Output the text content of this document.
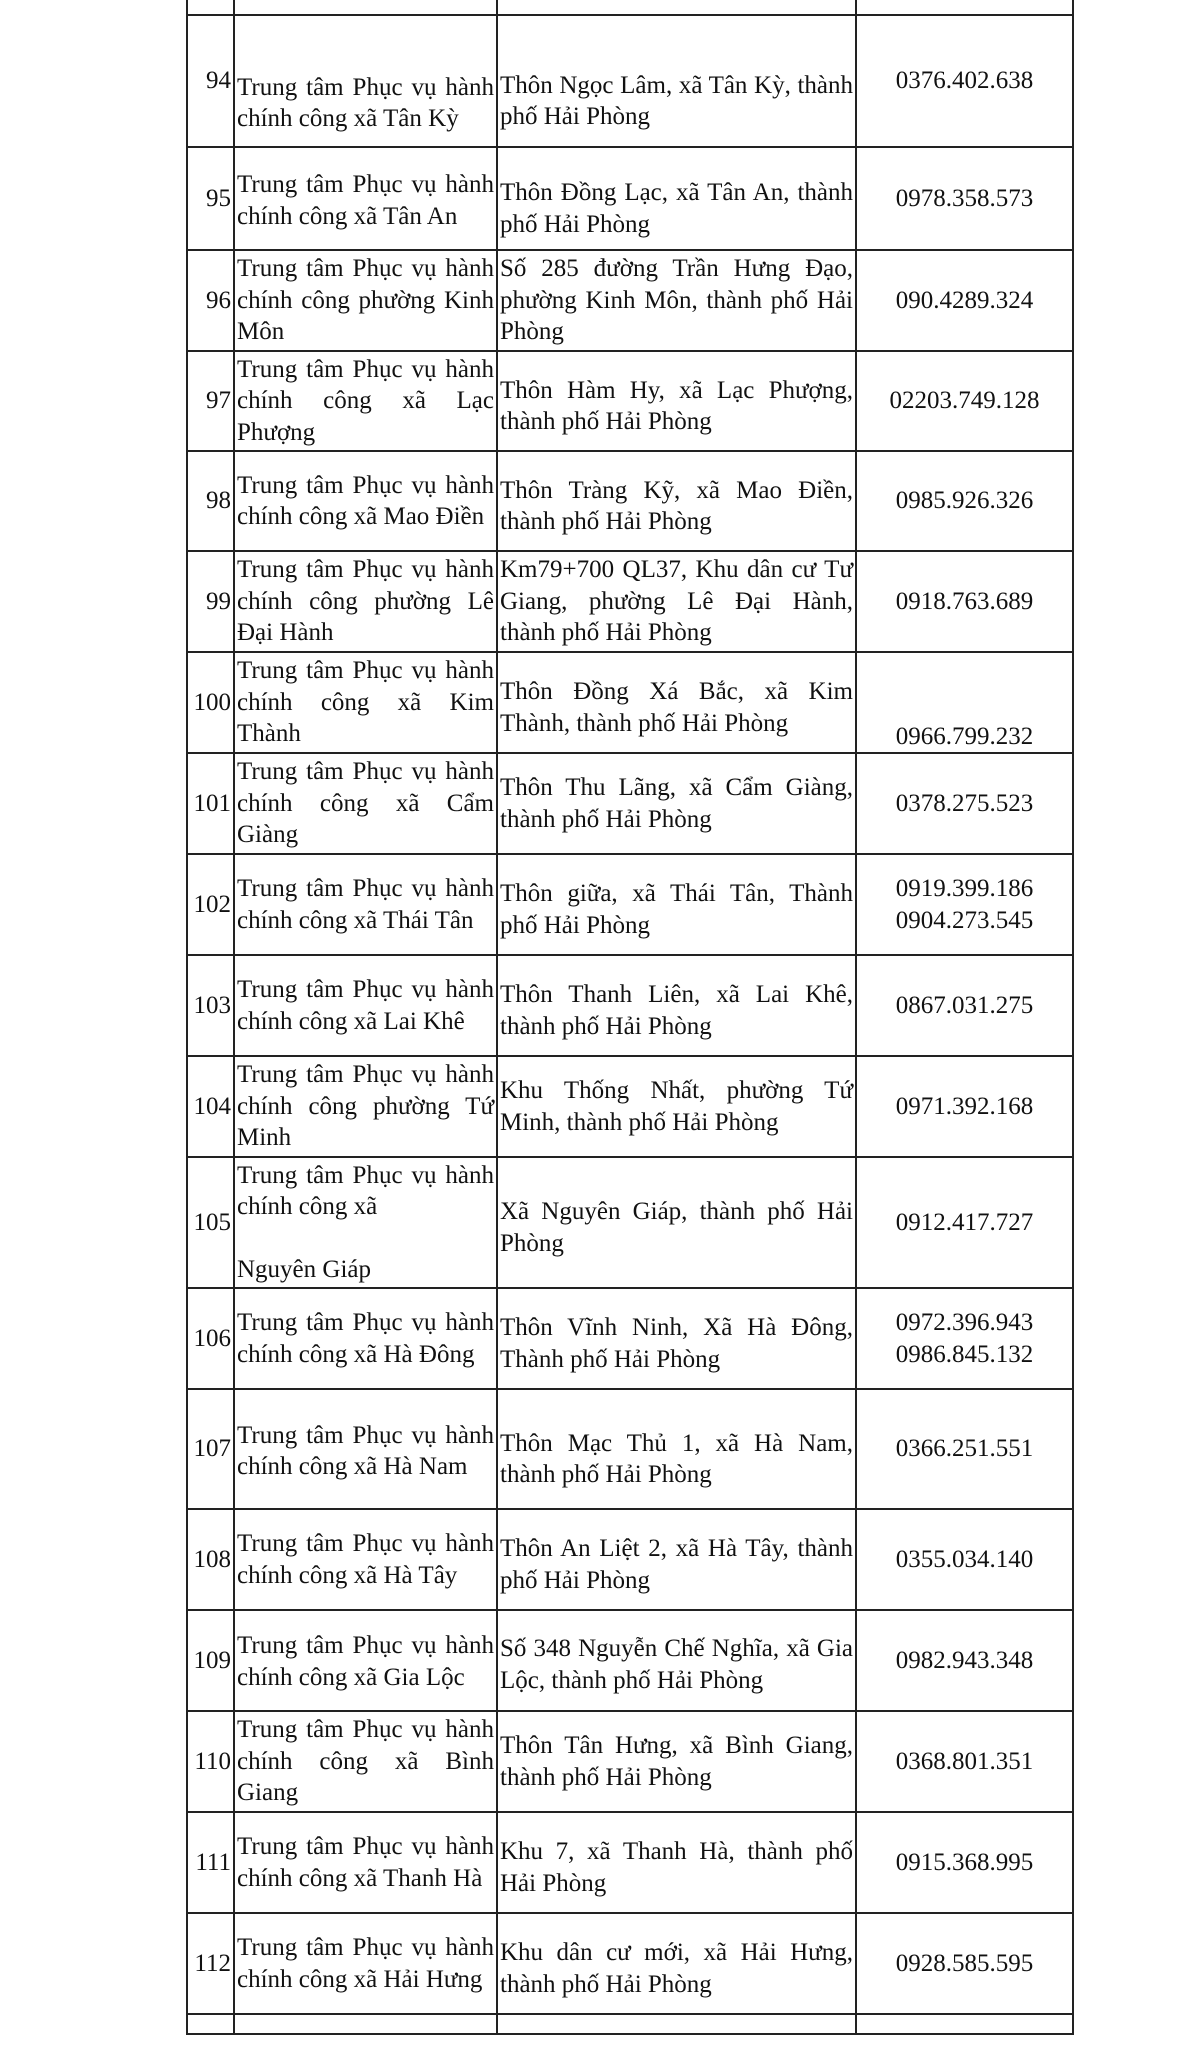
94	Trung tâm Phục vụ hành chính công xã Tân Kỳ	Thôn Ngọc Lâm, xã Tân Kỳ, thành phố Hải Phòng	0376.402.638

95	Trung tâm Phục vụ hành chính công xã Tân An	Thôn Đồng Lạc, xã Tân An, thành phố Hải Phòng	0978.358.573

96	Trung tâm Phục vụ hành chính công phường Kinh Môn	Số 285 đường Trần Hưng Đạo, phường Kinh Môn, thành phố Hải Phòng	090.4289.324

97	Trung tâm Phục vụ hành chính công xã Lạc Phượng	Thôn Hàm Hy, xã Lạc Phượng, thành phố Hải Phòng	02203.749.128

98	Trung tâm Phục vụ hành chính công xã Mao Điền	Thôn Tràng Kỹ, xã Mao Điền, thành phố Hải Phòng	0985.926.326

99	Trung tâm Phục vụ hành chính công phường Lê Đại Hành	Km79+700 QL37, Khu dân cư Tư Giang, phường Lê Đại Hành, thành phố Hải Phòng	0918.763.689

100	Trung tâm Phục vụ hành chính công xã Kim Thành	Thôn Đồng Xá Bắc, xã Kim Thành, thành phố Hải Phòng	0966.799.232

101	Trung tâm Phục vụ hành chính công xã Cẩm Giàng	Thôn Thu Lãng, xã Cẩm Giàng, thành phố Hải Phòng	0378.275.523

102	Trung tâm Phục vụ hành chính công xã Thái Tân	Thôn giữa, xã Thái Tân, Thành phố Hải Phòng	0919.399.186
0904.273.545

103	Trung tâm Phục vụ hành chính công xã Lai Khê	Thôn Thanh Liên, xã Lai Khê, thành phố Hải Phòng	0867.031.275

104	Trung tâm Phục vụ hành chính công phường Tứ Minh	Khu Thống Nhất, phường Tứ Minh, thành phố Hải Phòng	0971.392.168

105	Trung tâm Phục vụ hành chính công xã
Nguyên Giáp	Xã Nguyên Giáp, thành phố Hải Phòng	0912.417.727

106	Trung tâm Phục vụ hành chính công xã Hà Đông	Thôn Vĩnh Ninh, Xã Hà Đông, Thành phố Hải Phòng	0972.396.943
0986.845.132

107	Trung tâm Phục vụ hành chính công xã Hà Nam	Thôn Mạc Thủ 1, xã Hà Nam, thành phố Hải Phòng	0366.251.551

108	Trung tâm Phục vụ hành chính công xã Hà Tây	Thôn An Liệt 2, xã Hà Tây, thành phố Hải Phòng	0355.034.140

109	Trung tâm Phục vụ hành chính công xã Gia Lộc	Số 348 Nguyễn Chế Nghĩa, xã Gia Lộc, thành phố Hải Phòng	0982.943.348

110	Trung tâm Phục vụ hành chính công xã Bình Giang	Thôn Tân Hưng, xã Bình Giang, thành phố Hải Phòng	0368.801.351

111	Trung tâm Phục vụ hành chính công xã Thanh Hà	Khu 7, xã Thanh Hà, thành phố Hải Phòng	0915.368.995

112	Trung tâm Phục vụ hành chính công xã Hải Hưng	Khu dân cư mới, xã Hải Hưng, thành phố Hải Phòng	0928.585.595
